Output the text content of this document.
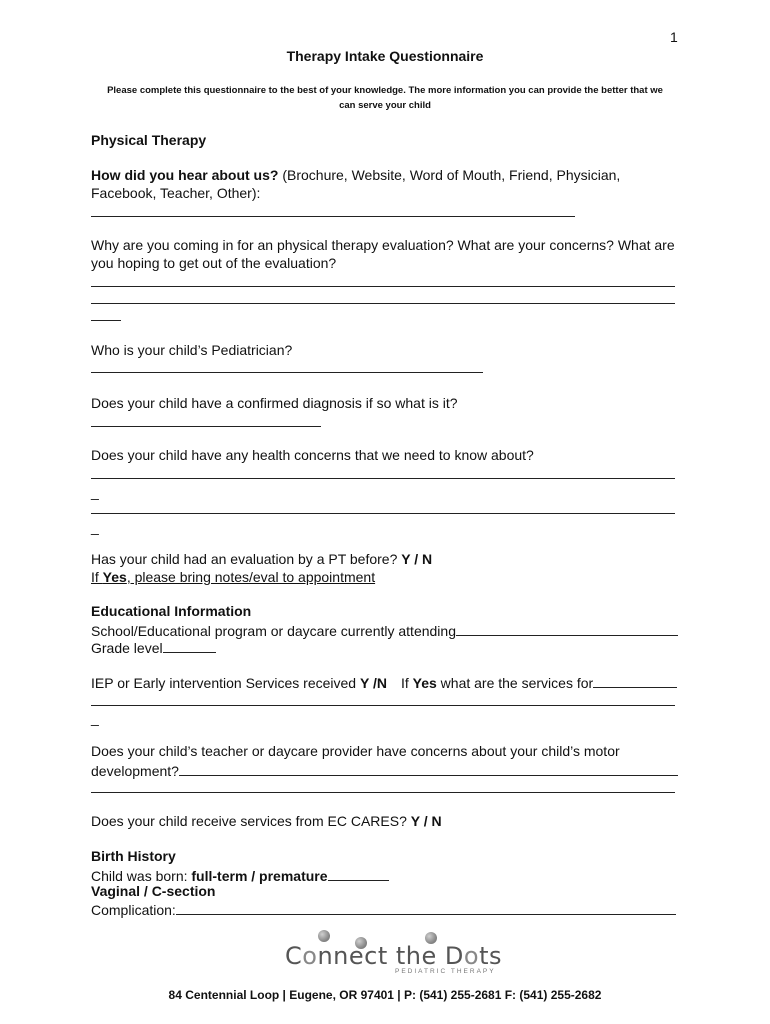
1
Therapy Intake Questionnaire
Please complete this questionnaire to the best of your knowledge. The more information you can provide the better that we
can serve your child
Physical Therapy
How did you hear about us? (Brochure, Website, Word of Mouth, Friend, Physician,
Facebook, Teacher, Other):
Why are you coming in for an physical therapy evaluation? What are your concerns? What are
you hoping to get out of the evaluation?
Who is your child’s Pediatrician?
Does your child have a confirmed diagnosis if so what is it?
Does your child have any health concerns that we need to know about?
_
_
Has your child had an evaluation by a PT before? Y / N
If Yes, please bring notes/eval to appointment
Educational Information
School/Educational program or daycare currently attending
Grade level
IEP or Early intervention Services received Y /N If Yes what are the services for
_
Does your child’s teacher or daycare provider have concerns about your child’s motor
development?
Does your child receive services from EC CARES? Y / N
Birth History
Child was born: full-term / premature
Vaginal / C-section
Complication:
Connect the Dots
PEDIATRIC THERAPY
84 Centennial Loop | Eugene, OR 97401 | P: (541) 255-2681 F: (541) 255-2682
